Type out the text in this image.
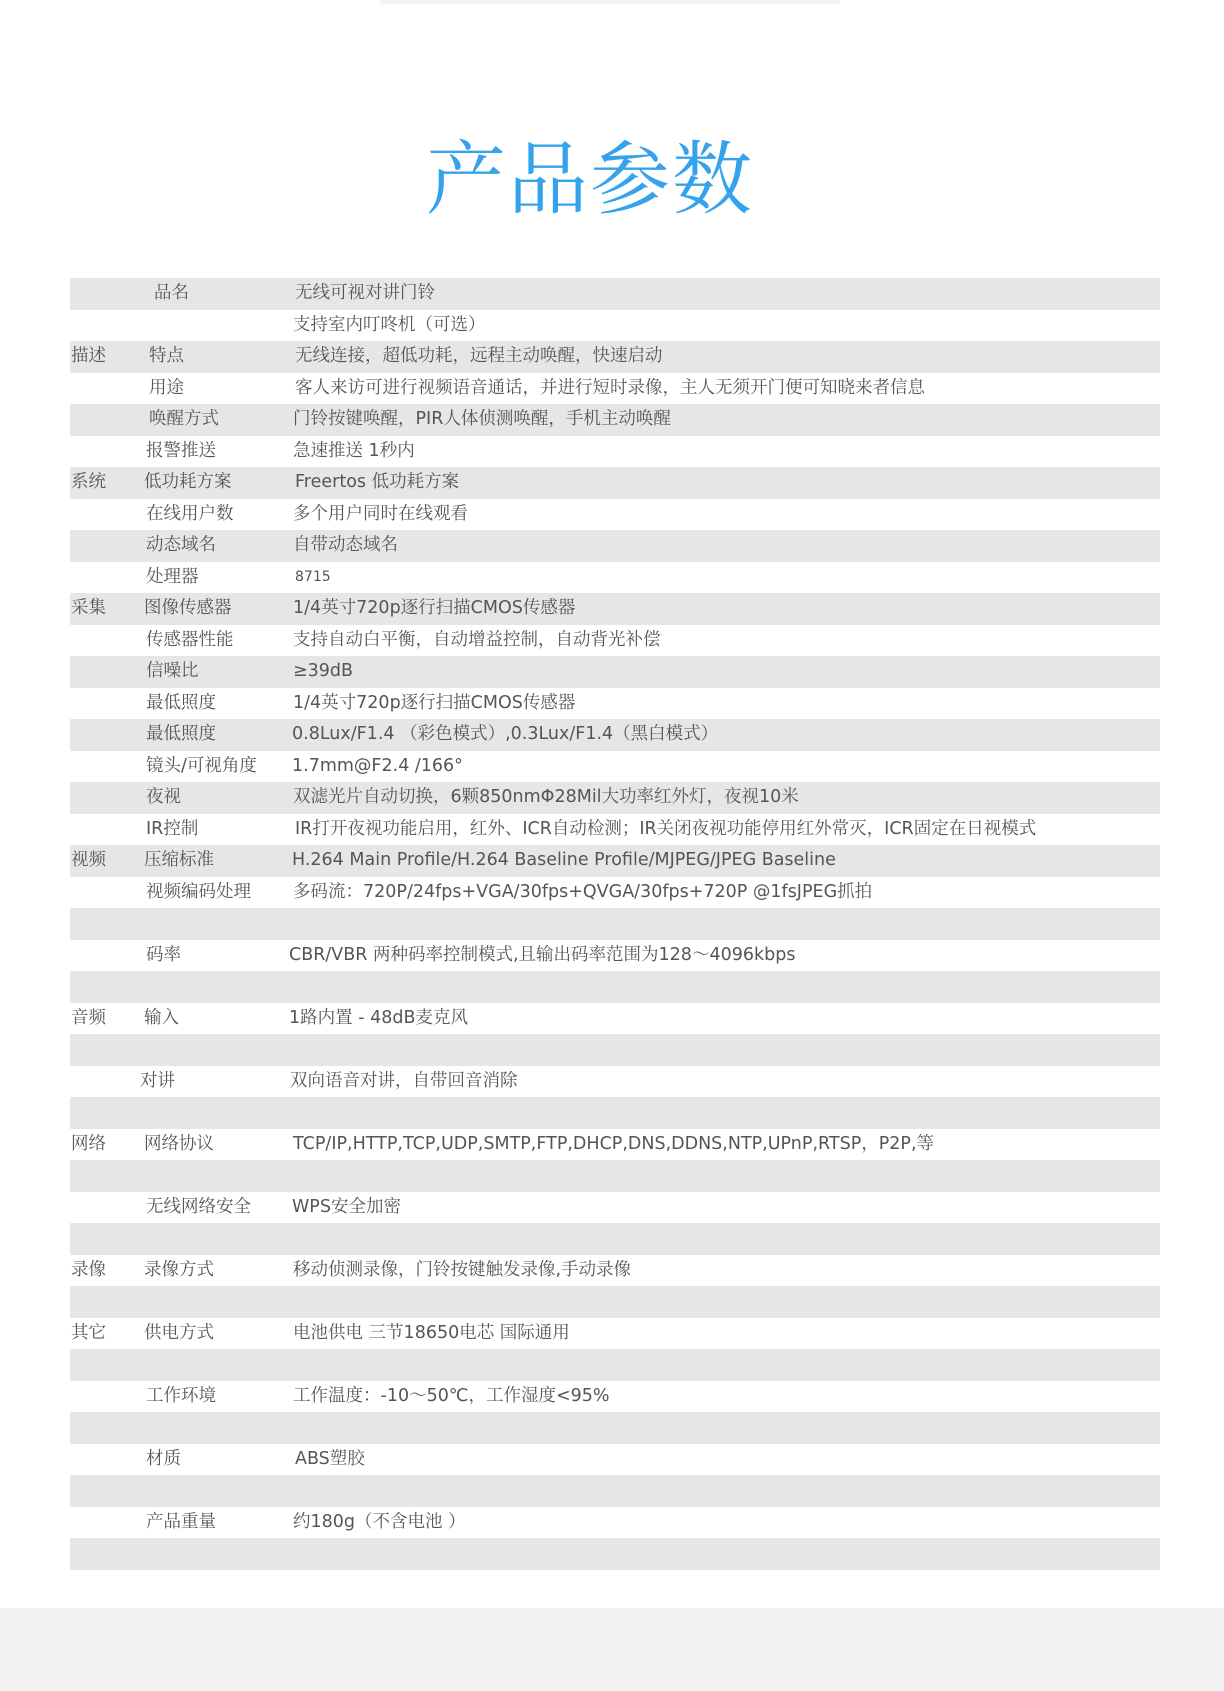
产品参数
品名	无线可视对讲门铃
支持室内叮咚机（可选）
描述 特点	无线连接，超低功耗，远程主动唤醒，快速启动
用途	客人来访可进行视频语音通话，并进行短时录像，主人无须开门便可知晓来者信息
唤醒方式	门铃按键唤醒，PIR人体侦测唤醒，手机主动唤醒
报警推送	急速推送 1秒内
系统 低功耗方案	Freertos 低功耗方案
在线用户数	多个用户同时在线观看
动态域名	自带动态域名
处理器	8715
采集 图像传感器	1/4英寸720p逐行扫描CMOS传感器
传感器性能	支持自动白平衡，自动增益控制，自动背光补偿
信噪比	≥39dB
最低照度	1/4英寸720p逐行扫描CMOS传感器
最低照度	0.8Lux/F1.4 （彩色模式）,0.3Lux/F1.4（黑白模式）
镜头/可视角度 1.7mm@F2.4 /166°
夜视	双滤光片自动切换，6颗850nmΦ28Mil大功率红外灯，夜视10米
IR控制	IR打开夜视功能启用，红外、ICR自动检测；IR关闭夜视功能停用红外常灭，ICR固定在日视模式
视频 压缩标准	H.264 Main Profile/H.264 Baseline Profile/MJPEG/JPEG Baseline
视频编码处理 多码流：720P/24fps+VGA/30fps+QVGA/30fps+720P @1fsJPEG抓拍
码率	CBR/VBR 两种码率控制模式,且输出码率范围为128～4096kbps
音频 输入	1路内置 - 48dB麦克风
对讲	双向语音对讲，自带回音消除
网络 网络协议	TCP/IP,HTTP,TCP,UDP,SMTP,FTP,DHCP,DNS,DDNS,NTP,UPnP,RTSP，P2P,等
无线网络安全 WPS安全加密
录像 录像方式	移动侦测录像，门铃按键触发录像,手动录像
其它 供电方式	电池供电 三节18650电芯 国际通用
工作环境	工作温度：-10～50℃，工作湿度<95%
材质	ABS塑胶
产品重量	约180g（不含电池 ）
